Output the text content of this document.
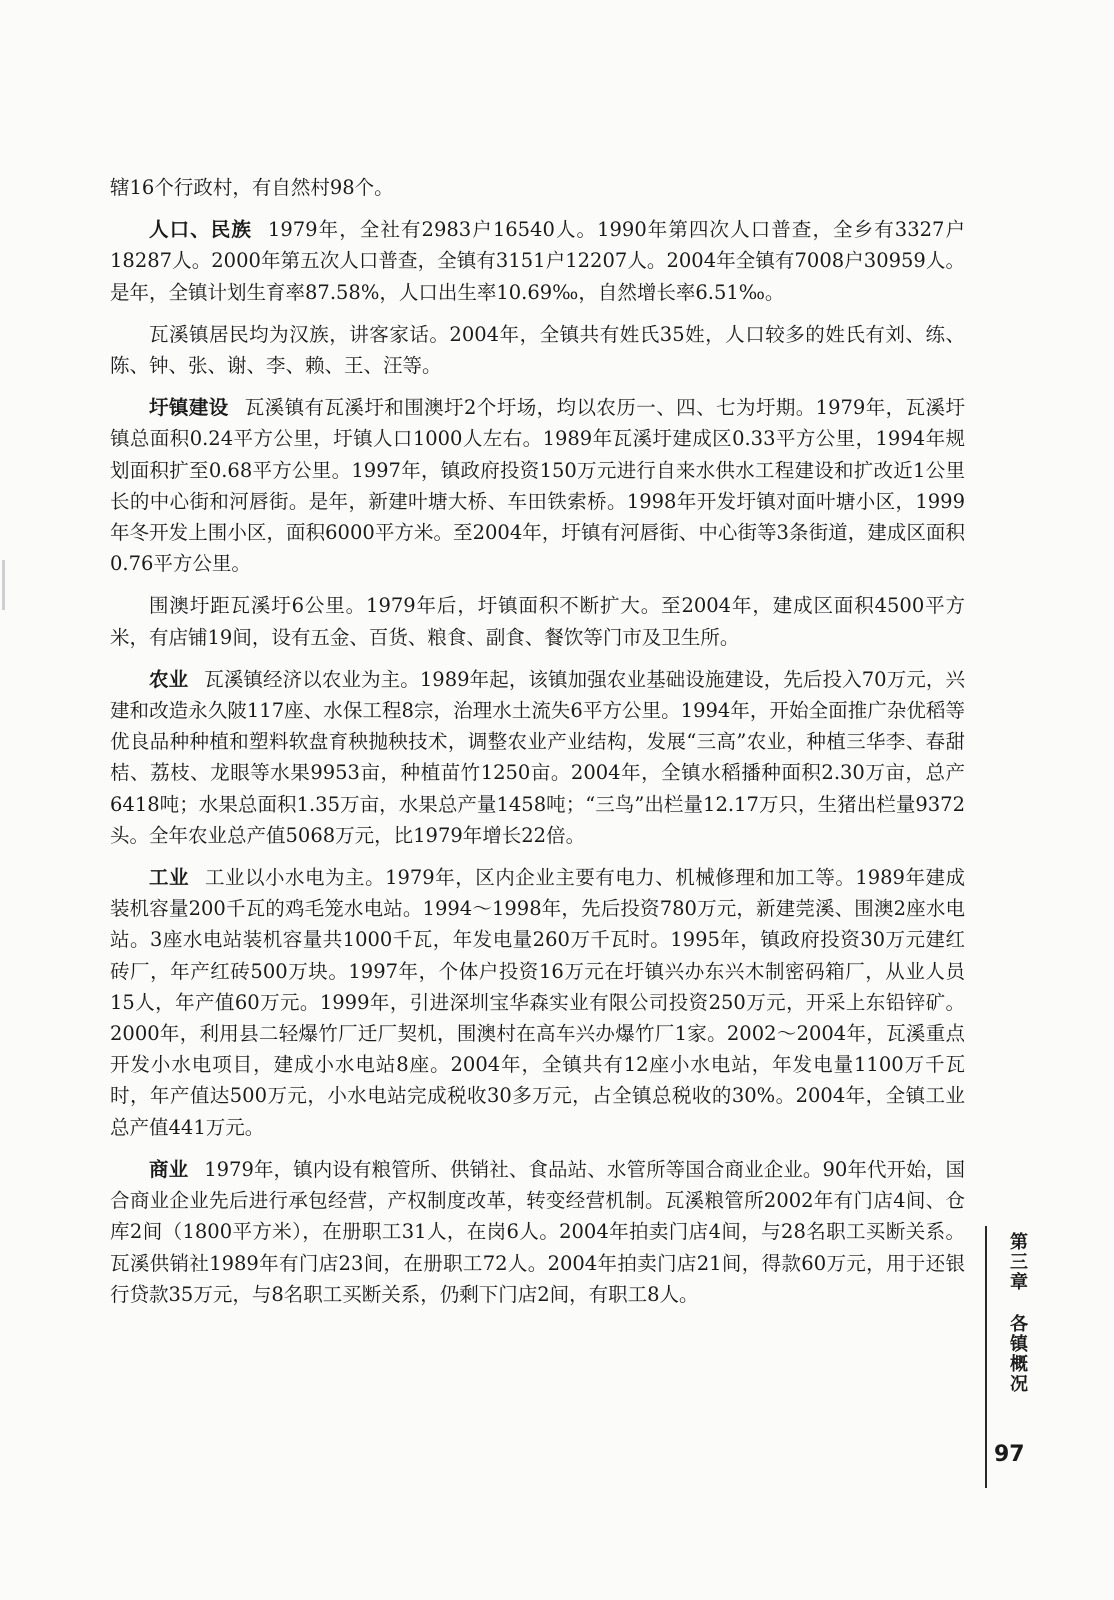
辖16个行政村，有自然村98个。

人口、民族 1979年，全社有2983户16540人。1990年第四次人口普查，全乡有3327户18287人。2000年第五次人口普查，全镇有3151户12207人。2004年全镇有7008户30959人。是年，全镇计划生育率87.58%，人口出生率10.69‰，自然增长率6.51‰。

瓦溪镇居民均为汉族，讲客家话。2004年，全镇共有姓氏35姓，人口较多的姓氏有刘、练、陈、钟、张、谢、李、赖、王、汪等。

圩镇建设 瓦溪镇有瓦溪圩和围澳圩2个圩场，均以农历一、四、七为圩期。1979年，瓦溪圩镇总面积0.24平方公里，圩镇人口1000人左右。1989年瓦溪圩建成区0.33平方公里，1994年规划面积扩至0.68平方公里。1997年，镇政府投资150万元进行自来水供水工程建设和扩改近1公里长的中心街和河唇街。是年，新建叶塘大桥、车田铁索桥。1998年开发圩镇对面叶塘小区，1999年冬开发上围小区，面积6000平方米。至2004年，圩镇有河唇街、中心街等3条街道，建成区面积0.76平方公里。

围澳圩距瓦溪圩6公里。1979年后，圩镇面积不断扩大。至2004年，建成区面积4500平方米，有店铺19间，设有五金、百货、粮食、副食、餐饮等门市及卫生所。

农业 瓦溪镇经济以农业为主。1989年起，该镇加强农业基础设施建设，先后投入70万元，兴建和改造永久陂117座、水保工程8宗，治理水土流失6平方公里。1994年，开始全面推广杂优稻等优良品种种植和塑料软盘育秧抛秧技术，调整农业产业结构，发展“三高”农业，种植三华李、春甜桔、荔枝、龙眼等水果9953亩，种植苗竹1250亩。2004年，全镇水稻播种面积2.30万亩，总产6418吨；水果总面积1.35万亩，水果总产量1458吨；“三鸟”出栏量12.17万只，生猪出栏量9372头。全年农业总产值5068万元，比1979年增长22倍。

工业 工业以小水电为主。1979年，区内企业主要有电力、机械修理和加工等。1989年建成装机容量200千瓦的鸡毛笼水电站。1994～1998年，先后投资780万元，新建莞溪、围澳2座水电站。3座水电站装机容量共1000千瓦，年发电量260万千瓦时。1995年，镇政府投资30万元建红砖厂，年产红砖500万块。1997年，个体户投资16万元在圩镇兴办东兴木制密码箱厂，从业人员15人，年产值60万元。1999年，引进深圳宝华森实业有限公司投资250万元，开采上东铅锌矿。2000年，利用县二轻爆竹厂迁厂契机，围澳村在高车兴办爆竹厂1家。2002～2004年，瓦溪重点开发小水电项目，建成小水电站8座。2004年，全镇共有12座小水电站，年发电量1100万千瓦时，年产值达500万元，小水电站完成税收30多万元，占全镇总税收的30%。2004年，全镇工业总产值441万元。

商业 1979年，镇内设有粮管所、供销社、食品站、水管所等国合商业企业。90年代开始，国合商业企业先后进行承包经营，产权制度改革，转变经营机制。瓦溪粮管所2002年有门店4间、仓库2间（1800平方米），在册职工31人，在岗6人。2004年拍卖门店4间，与28名职工买断关系。瓦溪供销社1989年有门店23间，在册职工72人。2004年拍卖门店21间，得款60万元，用于还银行贷款35万元，与8名职工买断关系，仍剩下门店2间，有职工8人。

第三章 各镇概况
97
